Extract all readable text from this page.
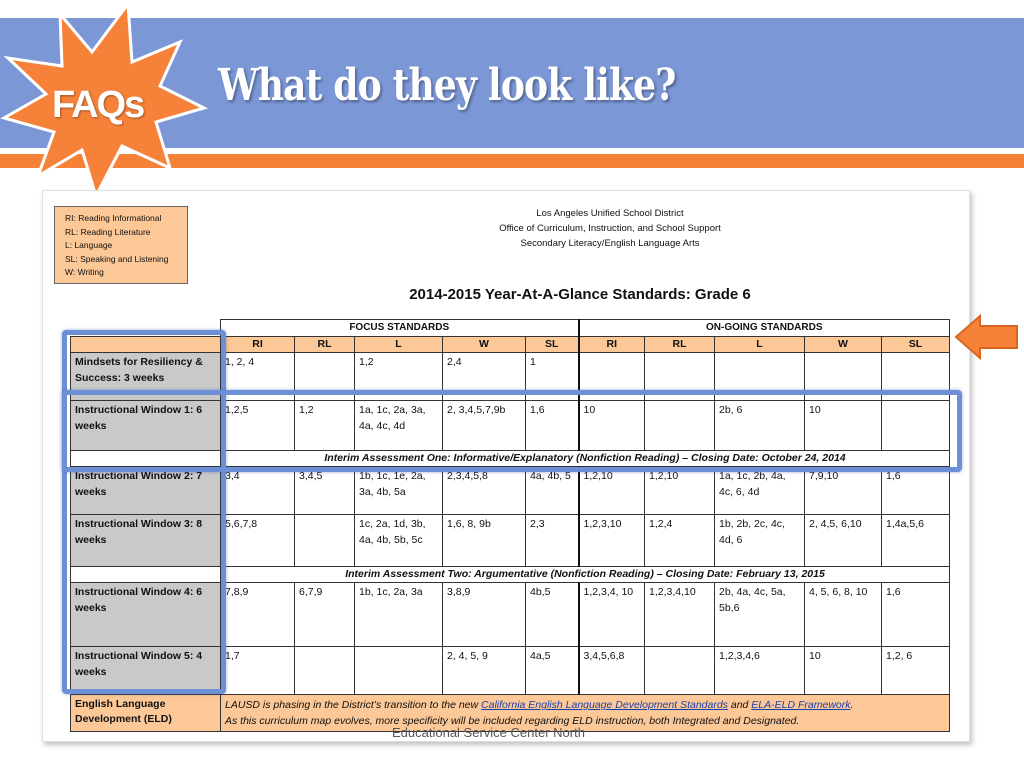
What do they look like?
FAQs
RI: Reading Informational
RL: Reading Literature
L: Language
SL: Speaking and Listening
W: Writing
Los Angeles Unified School District
Office of Curriculum, Instruction, and School Support
Secondary Literacy/English Language Arts
2014-2015 Year-At-A-Glance Standards: Grade 6
	FOCUS STANDARDS					ON-GOING STANDARDS				
	RI	RL	L	W	SL	RI	RL	L	W	SL
Mindsets for Resiliency & Success: 3 weeks	1, 2, 4		1,2	2,4	1					
Instructional Window 1: 6 weeks	1,2,5	1,2	1a, 1c, 2a, 3a, 4a, 4c, 4d	2, 3,4,5,7,9b	1,6	10		2b, 6	10	
	Interim Assessment One: Informative/Explanatory (Nonfiction Reading) – Closing Date: October 24, 2014									
Instructional Window 2: 7 weeks	3,4	3,4,5	1b, 1c, 1e, 2a, 3a, 4b, 5a	2,3,4,5,8	4a, 4b, 5	1,2,10	1,2,10	1a, 1c, 2b, 4a, 4c, 6, 4d	7,9,10	1,6
Instructional Window 3: 8 weeks	5,6,7,8		1c, 2a, 1d, 3b, 4a, 4b, 5b, 5c	1,6, 8, 9b	2,3	1,2,3,10	1,2,4	1b, 2b, 2c, 4c, 4d, 6	2, 4,5, 6,10	1,4a,5,6
	Interim Assessment Two: Argumentative (Nonfiction Reading) – Closing Date: February 13, 2015									
Instructional Window 4: 6 weeks	7,8,9	6,7,9	1b, 1c, 2a, 3a	3,8,9	4b,5	1,2,3,4, 10	1,2,3,4,10	2b, 4a, 4c, 5a, 5b,6	4, 5, 6, 8, 10	1,6
Instructional Window 5: 4 weeks	1,7			2, 4, 5, 9	4a,5	3,4,5,6,8		1,2,3,4,6	10	1,2, 6
English Language Development (ELD)	LAUSD is phasing in the District’s transition to the new California English Language Development Standards and ELA-ELD Framework.
As this curriculum map evolves, more specificity will be included regarding ELD instruction, both Integrated and Designated.									
Educational Service Center North
